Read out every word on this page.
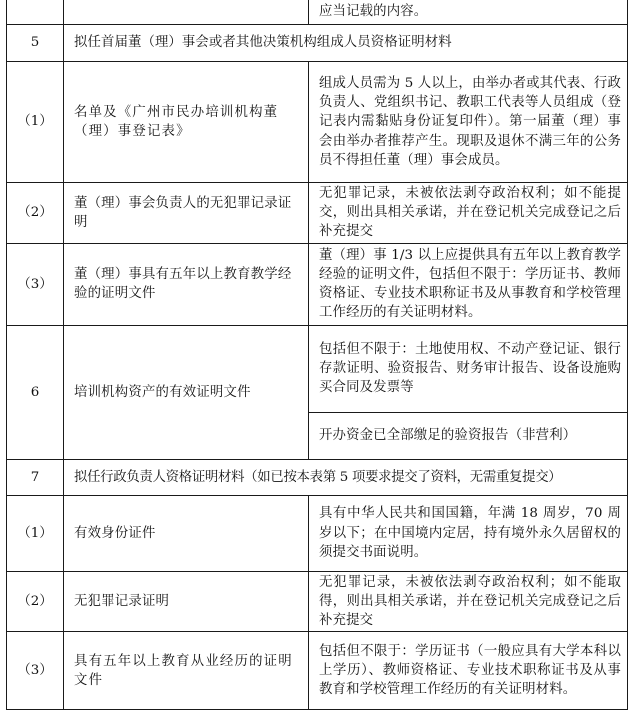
		应当记载的内容。
5	拟任首届董（理）事会或者其他决策机构组成人员资格证明材料	
（1）	名单及《广州市民办培训机构董（理）事登记表》	组成人员需为 5 人以上，由举办者或其代表、行政负责人、党组织书记、教职工代表等人员组成（登记表内需黏贴身份证复印件）。第一届董（理）事会由举办者推荐产生。现职及退休不满三年的公务员不得担任董（理）事会成员。
（2）	董（理）事会负责人的无犯罪记录证明	无犯罪记录，未被依法剥夺政治权利；如不能提交，则出具相关承诺，并在登记机关完成登记之后补充提交
（3）	董（理）事具有五年以上教育教学经验的证明文件	董（理）事 1/3 以上应提供具有五年以上教育教学经验的证明文件，包括但不限于：学历证书、教师资格证、专业技术职称证书及从事教育和学校管理工作经历的有关证明材料。
6	培训机构资产的有效证明文件	包括但不限于：土地使用权、不动产登记证、银行存款证明、验资报告、财务审计报告、设备设施购买合同及发票等
		开办资金已全部缴足的验资报告（非营利）
7	拟任行政负责人资格证明材料（如已按本表第 5 项要求提交了资料，无需重复提交）	
（1）	有效身份证件	具有中华人民共和国国籍，年满 18 周岁，70 周岁以下；在中国境内定居，持有境外永久居留权的须提交书面说明。
（2）	无犯罪记录证明	无犯罪记录，未被依法剥夺政治权利；如不能取得，则出具相关承诺，并在登记机关完成登记之后补充提交
（3）	具有五年以上教育从业经历的证明文件	包括但不限于：学历证书（一般应具有大学本科以上学历）、教师资格证、专业技术职称证书及从事教育和学校管理工作经历的有关证明材料。
